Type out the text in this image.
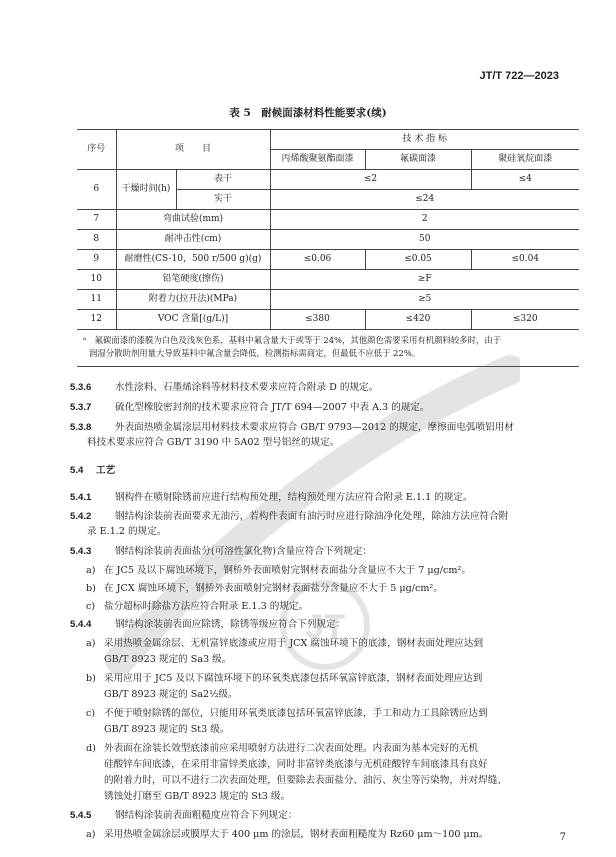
JT/T 722—2023
表 5　耐候面漆材料性能要求(续)
序号	项　　目		技 术 指 标		
			丙烯酸聚氨酯面漆	氟碳面漆	聚硅氧烷面漆
6	干燥时间(h)	表干	≤2		≤4
		实干	≤24		
7	弯曲试验(mm)		2		
8	耐冲击性(cm)		50		
9	耐磨性(CS-10，500 r/500 g)(g)		≤0.06	≤0.05	≤0.04
10	铅笔硬度(擦伤)		≥F		
11	附着力(拉开法)(MPa)		≥5		
12	VOC 含量[(g/L)]		≤380	≤420	≤320

ᵃ　氟碳面漆的漆膜为白色及浅灰色系，基料中氟含量大于或等于 24%，其他颜色需要采用有机颜料较多时，由于
润湿分散助剂用量大导致基料中氟含量会降低，检测指标需商定，但最低不应低于 22%。					
5.3.6 水性涂料、石墨烯涂料等材料技术要求应符合附录 D 的规定。
5.3.7 硫化型橡胶密封剂的技术要求应符合 JT/T 694—2007 中表 A.3 的规定。
5.3.8 外表面热喷金属涂层用材料技术要求应符合 GB/T 9793—2012 的规定，摩擦面电弧喷铝用材
料技术要求应符合 GB/T 3190 中 5A02 型号铝丝的规定。
5.4 工艺
5.4.1 钢构件在喷射除锈前应进行结构预处理，结构预处理方法应符合附录 E.1.1 的规定。
5.4.2 钢结构涂装前表面要求无油污，若构件表面有油污时应进行除油净化处理，除油方法应符合附
录 E.1.2 的规定。
5.4.3 钢结构涂装前表面盐分(可溶性氯化物)含量应符合下列规定：
a) 在 JC5 及以下腐蚀环境下，钢桥外表面喷射完钢材表面盐分含量应不大于 7 μg/cm²。
b) 在 JCX 腐蚀环境下，钢桥外表面喷射完钢材表面盐分含量应不大于 5 μg/cm²。
c) 盐分超标时除盐方法应符合附录 E.1.3 的规定。
5.4.4 钢结构涂装前表面应除锈，除锈等级应符合下列规定：
a) 采用热喷金属涂层、无机富锌底漆或应用于 JCX 腐蚀环境下的底漆，钢材表面处理应达到
GB/T 8923 规定的 Sa3 级。
b) 采用应用于 JC5 及以下腐蚀环境下的环氧类底漆包括环氧富锌底漆，钢材表面处理应达到
GB/T 8923 规定的 Sa2½级。
c) 不便于喷射除锈的部位，只能用环氧类底漆包括环氧富锌底漆，手工和动力工具除锈应达到
GB/T 8923 规定的 St3 级。
d) 外表面在涂装长效型底漆前应采用喷射方法进行二次表面处理。内表面为基本完好的无机
硅酸锌车间底漆，在采用非富锌类底漆，同时非富锌类底漆与无机硅酸锌车间底漆具有良好
的附着力时，可以不进行二次表面处理，但要除去表面盐分、油污、灰尘等污染物，并对焊缝、
锈蚀处打磨至 GB/T 8923 规定的 St3 级。
5.4.5 钢结构涂装前表面粗糙度应符合下列规定：
a) 采用热喷金属涂层或膜厚大于 400 μm 的涂层，钢材表面粗糙度为 Rz60 μm～100 μm。	7
JT
